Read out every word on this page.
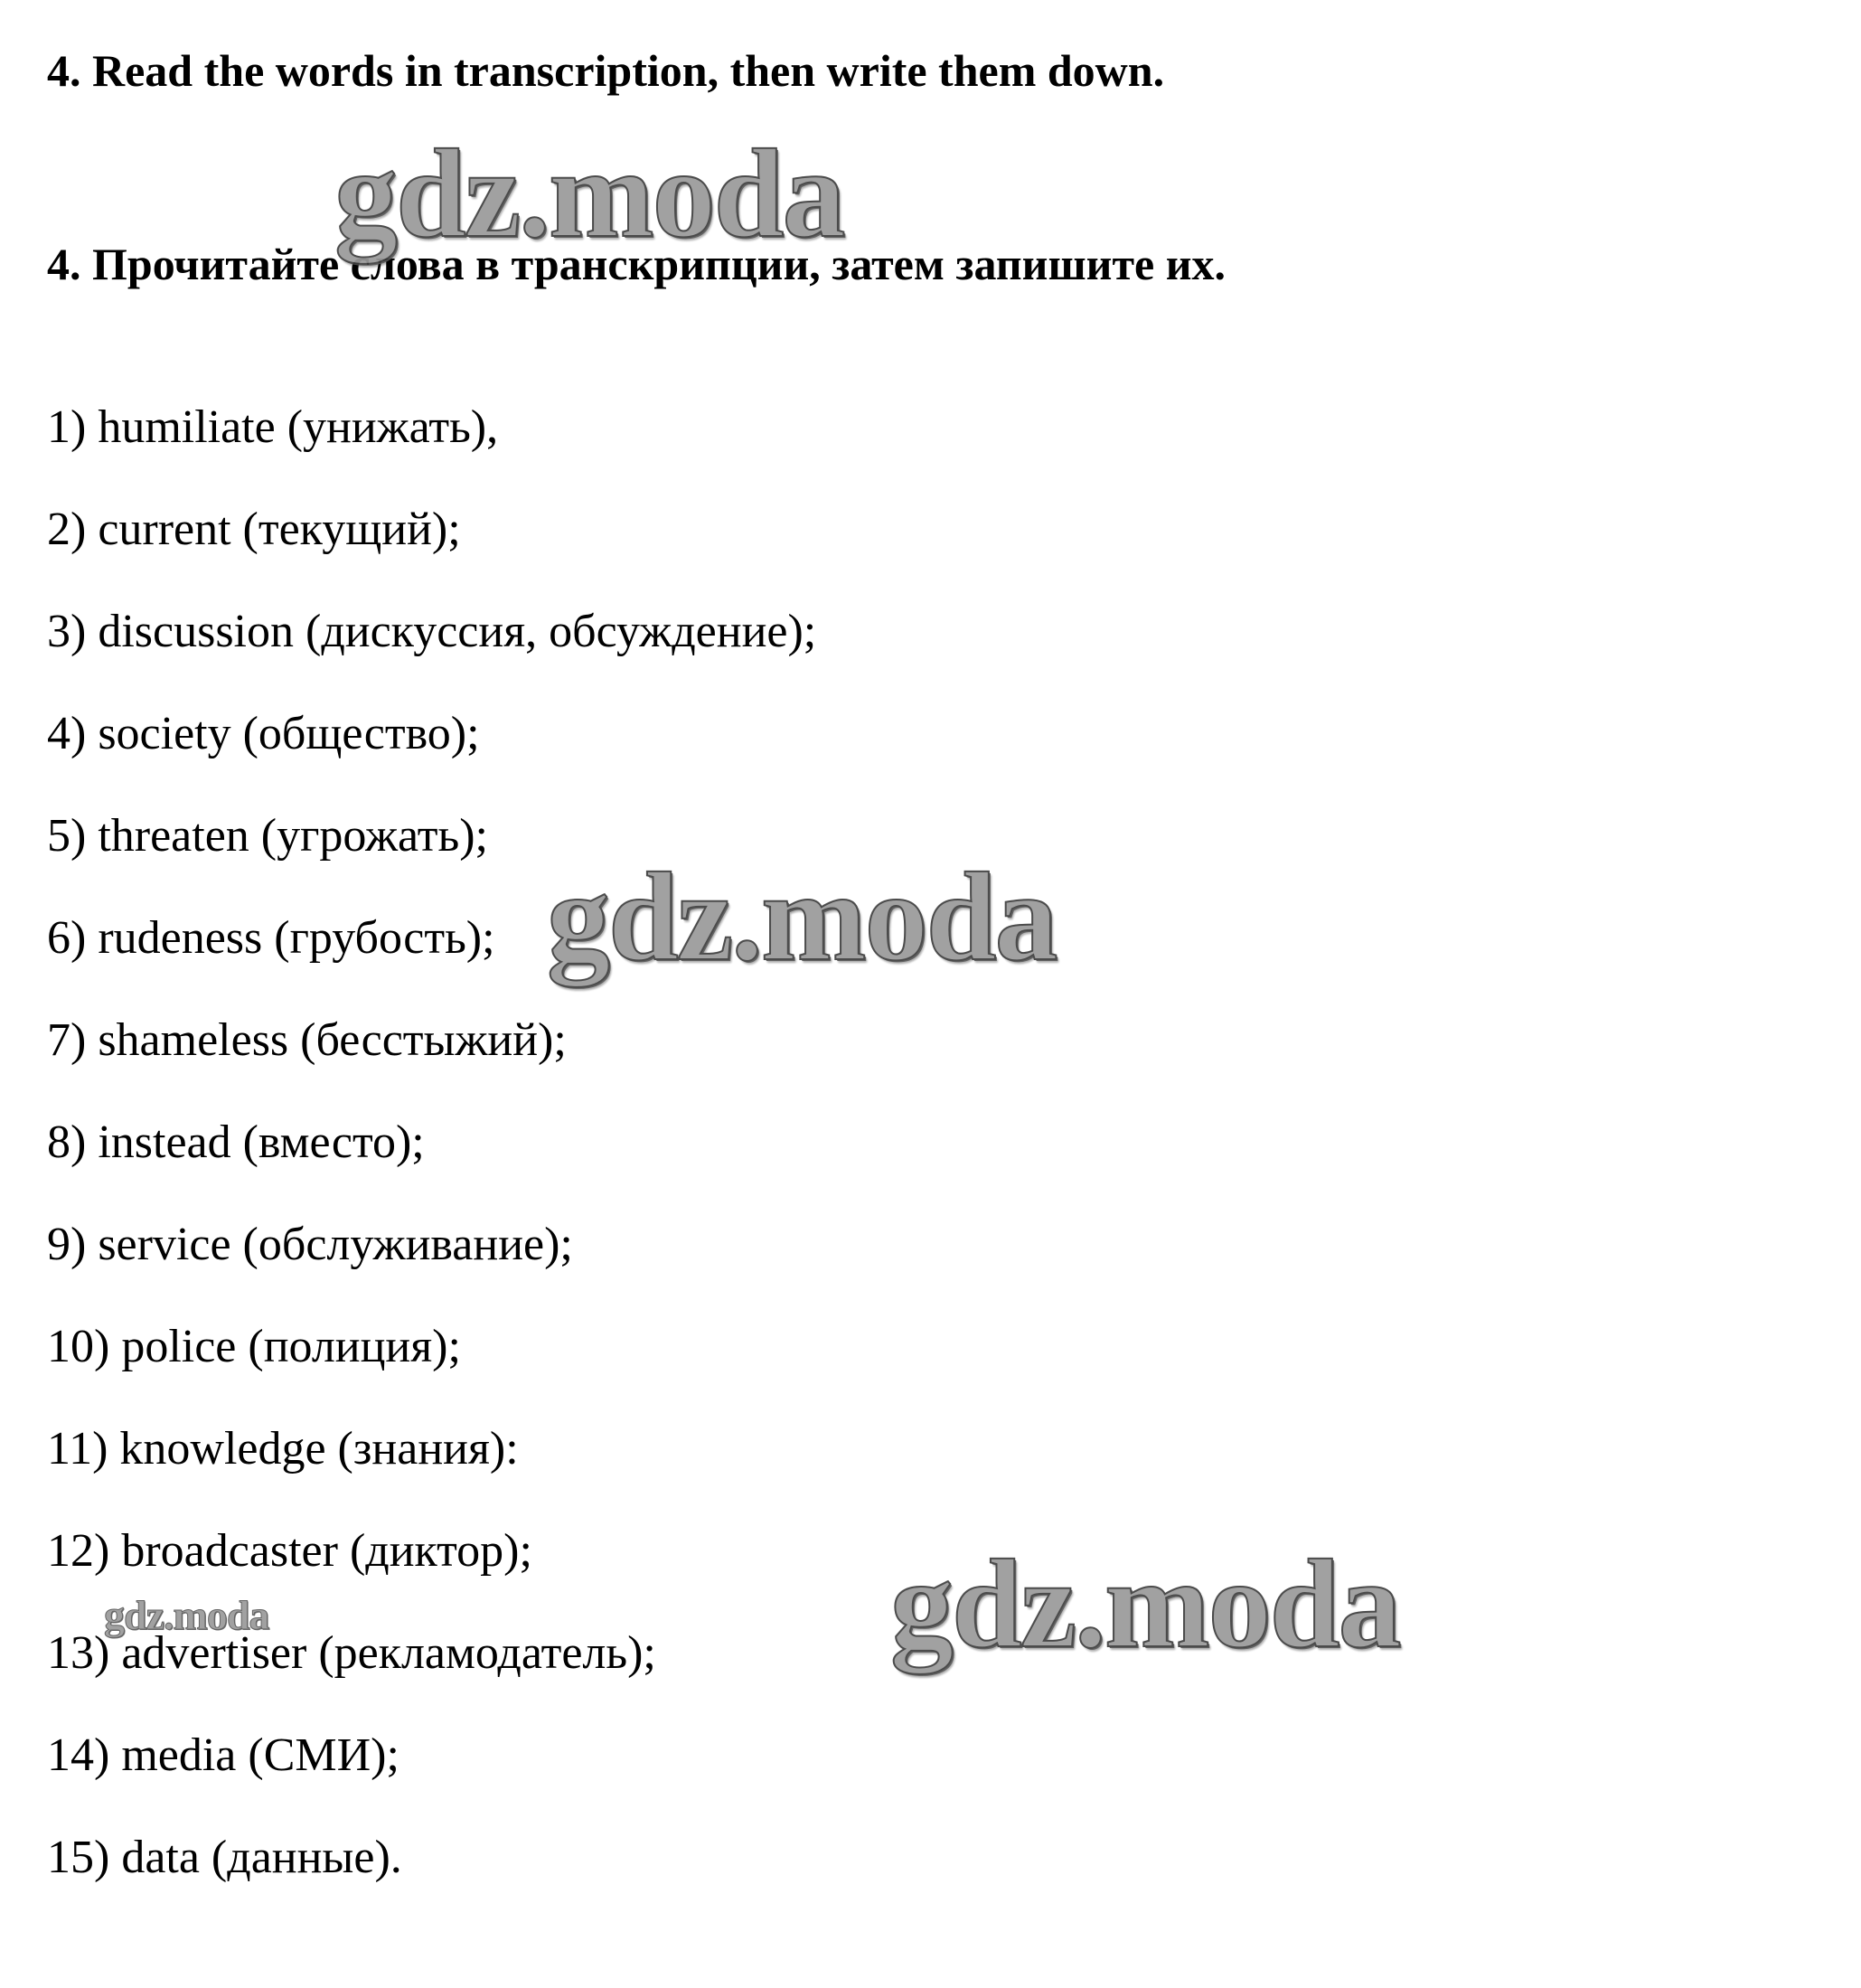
4. Read the words in transcription, then write them down.
4. Прочитайте слова в транскрипции, затем запишите их.
1) humiliate (унижать),
2) current (текущий);
3) discussion (дискуссия, обсуждение);
4) society (общество);
5) threaten (угрожать);
6) rudeness (грубость);
7) shameless (бесстыжий);
8) instead (вместо);
9) service (обслуживание);
10) police (полиция);
11) knowledge (знания):
12) broadcaster (диктор);
13) advertiser (рекламодатель);
14) media (СМИ);
15) data (данные).
gdz.moda
gdz.moda
gdz.moda
gdz.moda
